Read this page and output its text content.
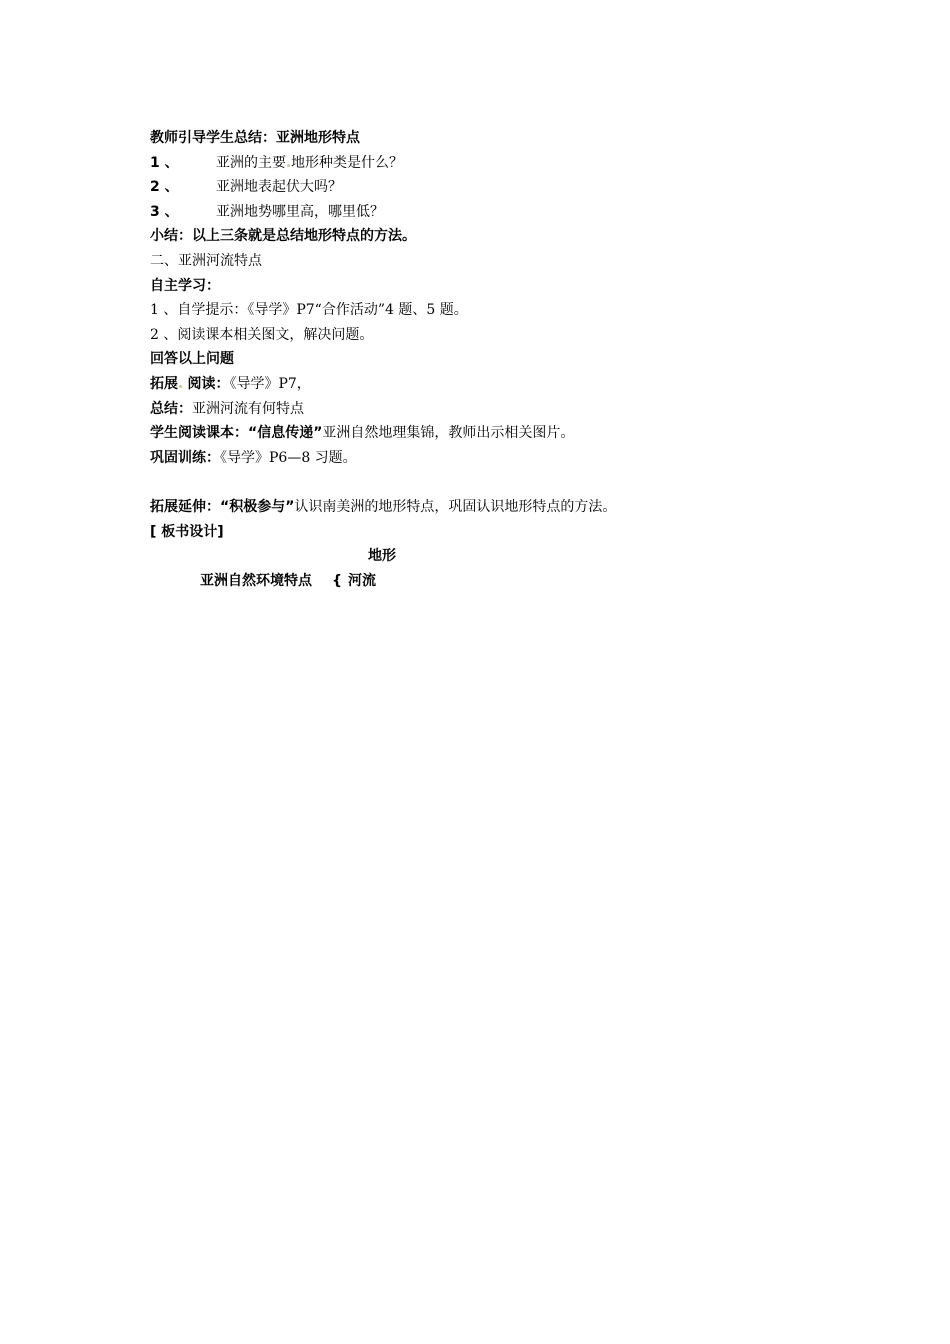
教师引导学生总结：亚洲地形特点
1 、	亚洲的主要 地形种类是什么？
2 、	亚洲地表起伏大吗？
3 、	亚洲地势哪里高，哪里低？
小结：以上三条就是总结地形特点的方法。
二、亚洲河流特点
自主学习：
1 、自学提示：《导学》P7“合作活动”4 题、5 题。
2 、阅读课本相关图文，解决问题。
回答以上问题
拓展 阅读：《导学》P7，
总结：亚洲河流有何特点
学生阅读课本：“信息传递”亚洲自然地理集锦，教师出示相关图片。
巩固训练：《导学》P6—8 习题。
拓展延伸：“积极参与”认识南美洲的地形特点，巩固认识地形特点的方法。
[ 板书设计]
地形
亚洲自然环境特点 { 河流
